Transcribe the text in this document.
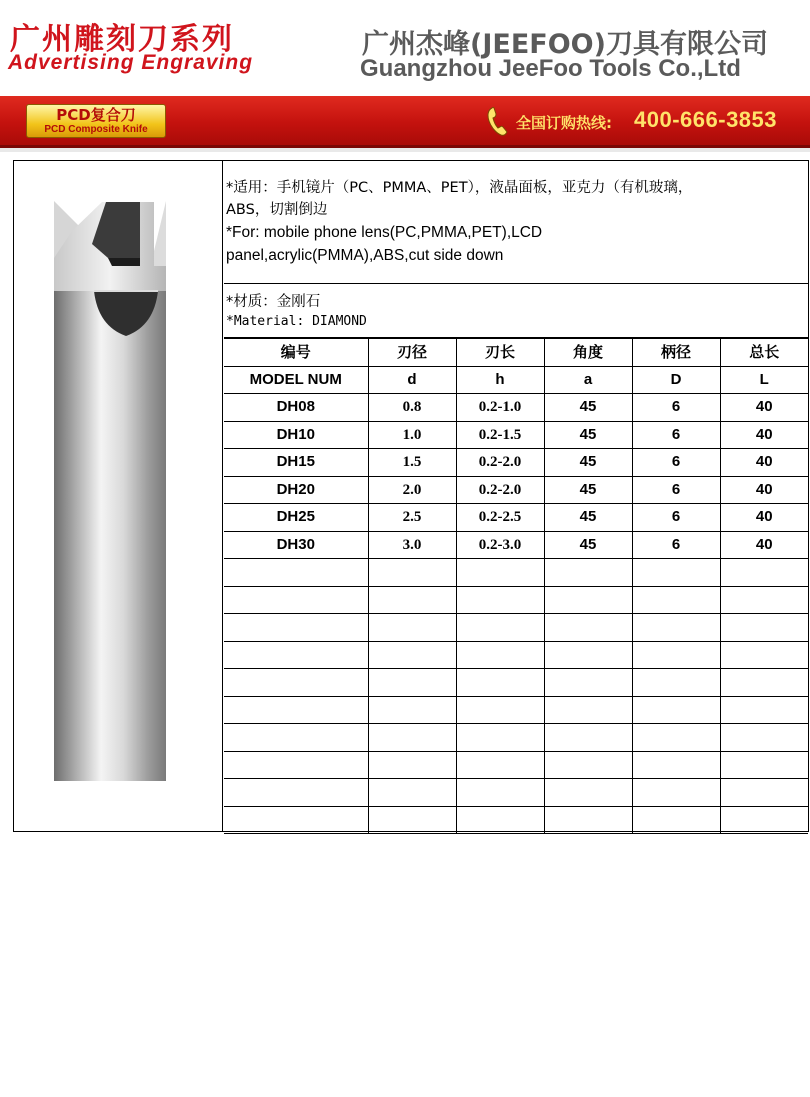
广州雕刻刀系列
Advertising Engraving
广州杰峰(JEEFOO)刀具有限公司
Guangzhou JeeFoo Tools Co.,Ltd
PCD复合刀
PCD Composite Knife	全国订购热线: 400-666-3853
*适用：手机镜片（PC、PMMA、PET），液晶面板，亚克力（有机玻璃，
ABS，切割倒边
*For: mobile phone lens(PC,PMMA,PET),LCD
panel,acrylic(PMMA),ABS,cut side down
*材质：金刚石
*Material: DIAMOND
编号	刃径	刃长	角度	柄径	总长
MODEL NUM	d	h	a	D	L
DH08	0.8	0.2-1.0	45	6	40
DH10	1.0	0.2-1.5	45	6	40
DH15	1.5	0.2-2.0	45	6	40
DH20	2.0	0.2-2.0	45	6	40
DH25	2.5	0.2-2.5	45	6	40
DH30	3.0	0.2-3.0	45	6	40
